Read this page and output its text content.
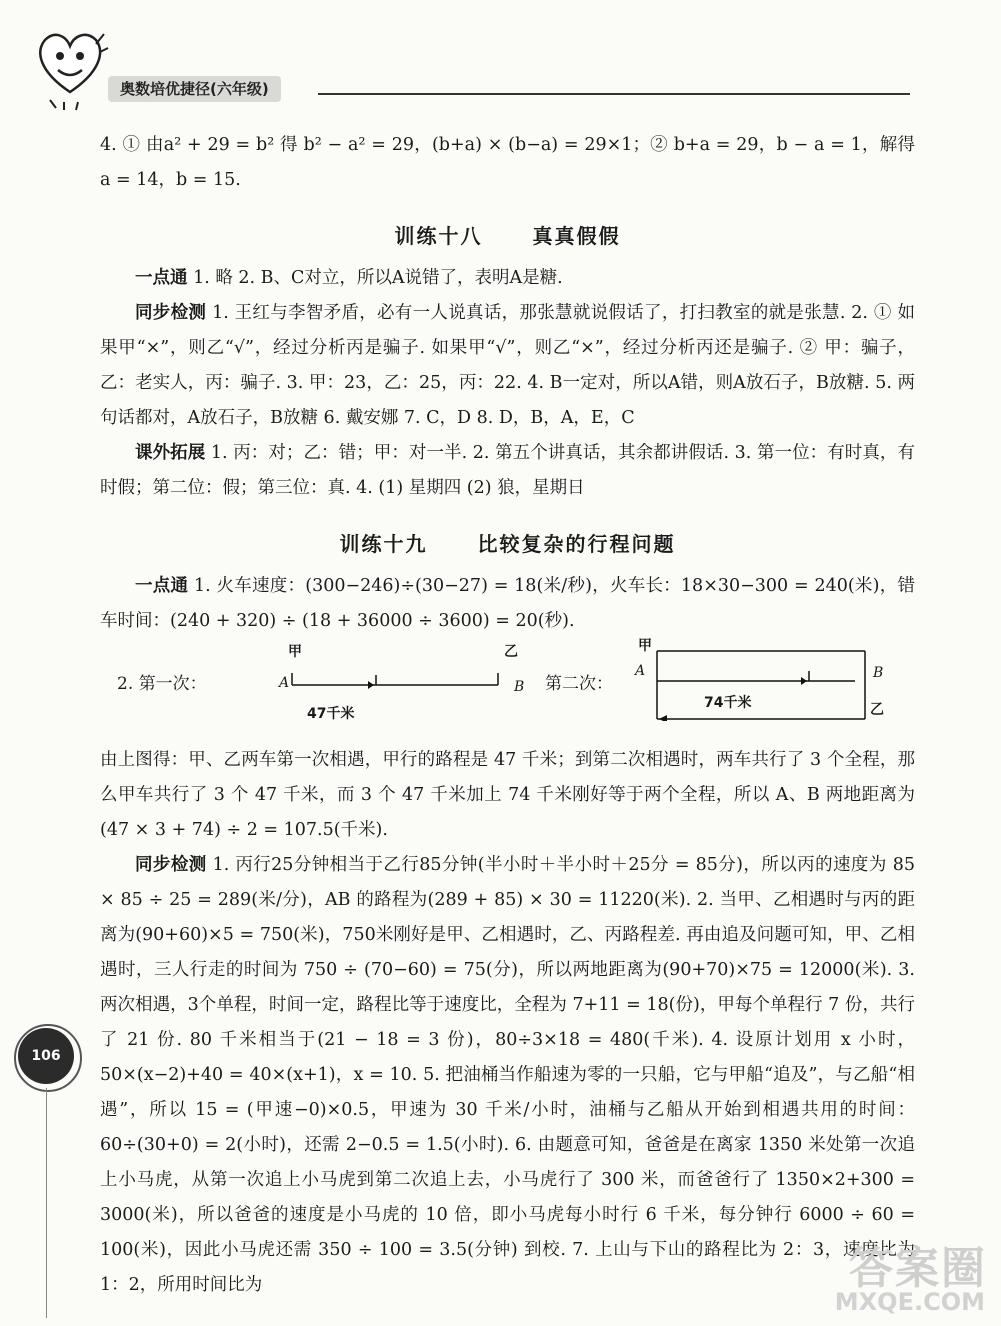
奥数培优捷径(六年级)

4. ① 由a² + 29 = b² 得 b² − a² = 29，(b+a) × (b−a) = 29×1；② b+a = 29，b − a = 1，解得 a = 14，b = 15.

训练十八	真真假假

一点通 1. 略 2. B、C对立，所以A说错了，表明A是糖.

同步检测 1. 王红与李智矛盾，必有一人说真话，那张慧就说假话了，打扫教室的就是张慧. 2. ① 如果甲“×”，则乙“√”，经过分析丙是骗子. 如果甲“√”，则乙“×”，经过分析丙还是骗子. ② 甲：骗子，乙：老实人，丙：骗子. 3. 甲：23，乙：25，丙：22. 4. B一定对，所以A错，则A放石子，B放糖. 5. 两句话都对，A放石子，B放糖 6. 戴安娜 7. C，D 8. D，B，A，E，C

课外拓展 1. 丙：对；乙：错；甲：对一半. 2. 第五个讲真话，其余都讲假话. 3. 第一位：有时真，有时假；第二位：假；第三位：真. 4. (1) 星期四 (2) 狼，星期日

训练十九	比较复杂的行程问题

一点通 1. 火车速度：(300−246)÷(30−27) = 18(米/秒)，火车长：18×30−300 = 240(米)，错车时间：(240 + 320) ÷ (18 + 36000 ÷ 3600) = 20(秒).

2. 第一次：
甲	乙
A	B
47千米
第二次：
甲
A	B
乙
74千米

由上图得：甲、乙两车第一次相遇，甲行的路程是 47 千米；到第二次相遇时，两车共行了 3 个全程，那么甲车共行了 3 个 47 千米，而 3 个 47 千米加上 74 千米刚好等于两个全程，所以 A、B 两地距离为(47 × 3 + 74) ÷ 2 = 107.5(千米).

同步检测 1. 丙行25分钟相当于乙行85分钟(半小时＋半小时＋25分 = 85分)，所以丙的速度为 85 × 85 ÷ 25 = 289(米/分)，AB 的路程为(289 + 85) × 30 = 11220(米). 2. 当甲、乙相遇时与丙的距离为(90+60)×5 = 750(米)，750米刚好是甲、乙相遇时，乙、丙路程差. 再由追及问题可知，甲、乙相遇时，三人行走的时间为 750 ÷ (70−60) = 75(分)，所以两地距离为(90+70)×75 = 12000(米). 3. 两次相遇，3个单程，时间一定，路程比等于速度比，全程为 7+11 = 18(份)，甲每个单程行 7 份，共行了 21 份. 80 千米相当于(21 − 18 = 3 份)，80÷3×18 = 480(千米). 4. 设原计划用 x 小时，50×(x−2)+40 = 40×(x+1)，x = 10. 5. 把油桶当作船速为零的一只船，它与甲船“追及”，与乙船“相遇”，所以 15 = (甲速−0)×0.5，甲速为 30 千米/小时，油桶与乙船从开始到相遇共用的时间：60÷(30+0) = 2(小时)，还需 2−0.5 = 1.5(小时). 6. 由题意可知，爸爸是在离家 1350 米处第一次追上小马虎，从第一次追上小马虎到第二次追上去，小马虎行了 300 米，而爸爸行了 1350×2+300 = 3000(米)，所以爸爸的速度是小马虎的 10 倍，即小马虎每小时行 6 千米，每分钟行 6000 ÷ 60 = 100(米)，因此小马虎还需 350 ÷ 100 = 3.5(分钟) 到校. 7. 上山与下山的路程比为 2：3，速度比为 1：2，所用时间比为

106
答案圈
MXQE.COM
